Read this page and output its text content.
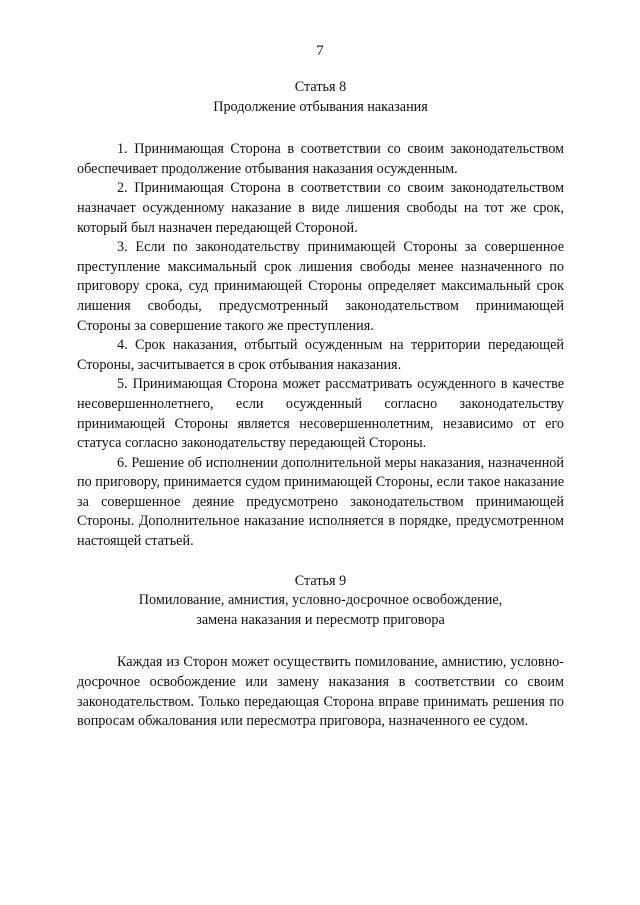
7

Статья 8

Продолжение отбывания наказания

1. Принимающая Сторона в соответствии со своим законодательством обеспечивает продолжение отбывания наказания осужденным.

2. Принимающая Сторона в соответствии со своим законодательством назначает осужденному наказание в виде лишения свободы на тот же срок, который был назначен передающей Стороной.

3. Если по законодательству принимающей Стороны за совершенное преступление максимальный срок лишения свободы менее назначенного по приговору срока, суд принимающей Стороны определяет максимальный срок лишения свободы, предусмотренный законодательством принимающей Стороны за совершение такого же преступления.

4. Срок наказания, отбытый осужденным на территории передающей Стороны, засчитывается в срок отбывания наказания.

5. Принимающая Сторона может рассматривать осужденного в качестве несовершеннолетнего, если осужденный согласно законодательству принимающей Стороны является несовершеннолетним, независимо от его статуса согласно законодательству передающей Стороны.

6. Решение об исполнении дополнительной меры наказания, назначенной по приговору, принимается судом принимающей Стороны, если такое наказание за совершенное деяние предусмотрено законодательством принимающей Стороны. Дополнительное наказание исполняется в порядке, предусмотренном настоящей статьей.

Статья 9

Помилование, амнистия, условно-досрочное освобождение,
замена наказания и пересмотр приговора

Каждая из Сторон может осуществить помилование, амнистию, условно-досрочное освобождение или замену наказания в соответствии со своим законодательством. Только передающая Сторона вправе принимать решения по вопросам обжалования или пересмотра приговора, назначенного ее судом.
